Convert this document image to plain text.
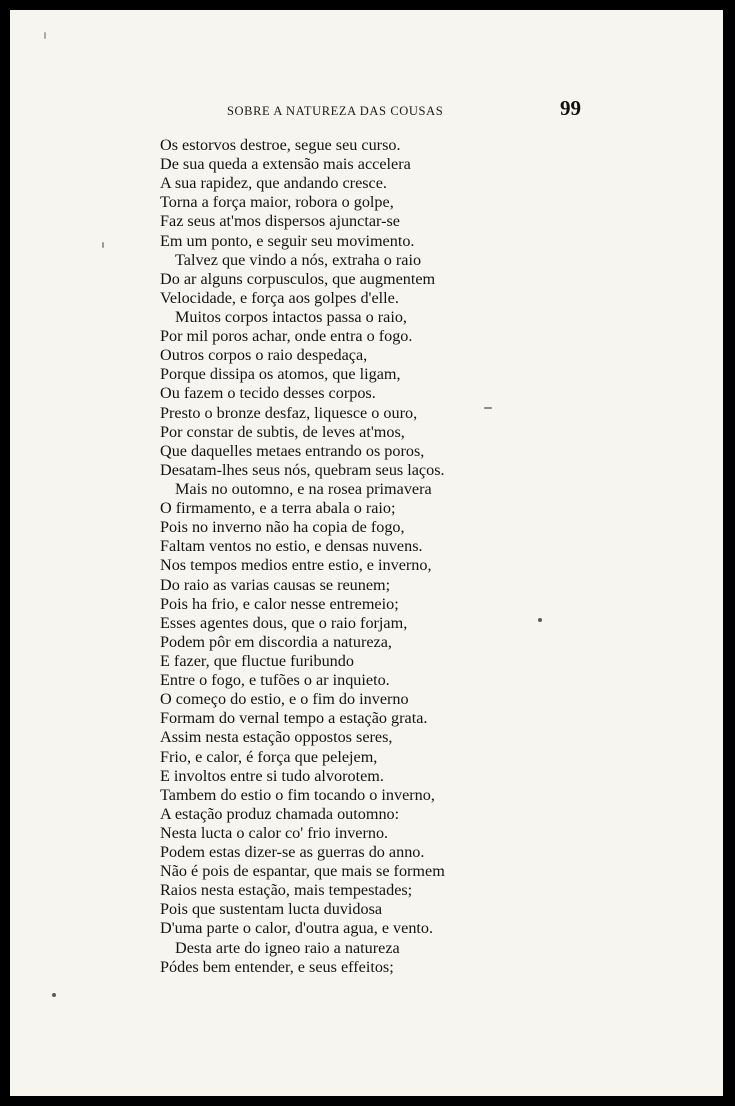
SOBRE A NATUREZA DAS COUSAS	99
Os estorvos destroe, segue seu curso.
De sua queda a extensão mais accelera
A sua rapidez, que andando cresce.
Torna a força maior, robora o golpe,
Faz seus at'mos dispersos ajunctar-se
Em um ponto, e seguir seu movimento.
Talvez que vindo a nós, extraha o raio
Do ar alguns corpusculos, que augmentem
Velocidade, e força aos golpes d'elle.
Muitos corpos intactos passa o raio,
Por mil poros achar, onde entra o fogo.
Outros corpos o raio despedaça,
Porque dissipa os atomos, que ligam,
Ou fazem o tecido desses corpos.
Presto o bronze desfaz, liquesce o ouro,
Por constar de subtis, de leves at'mos,
Que daquelles metaes entrando os poros,
Desatam-lhes seus nós, quebram seus laços.
Mais no outomno, e na rosea primavera
O firmamento, e a terra abala o raio;
Pois no inverno não ha copia de fogo,
Faltam ventos no estio, e densas nuvens.
Nos tempos medios entre estio, e inverno,
Do raio as varias causas se reunem;
Pois ha frio, e calor nesse entremeio;
Esses agentes dous, que o raio forjam,
Podem pôr em discordia a natureza,
E fazer, que fluctue furibundo
Entre o fogo, e tufões o ar inquieto.
O começo do estio, e o fim do inverno
Formam do vernal tempo a estação grata.
Assim nesta estação oppostos seres,
Frio, e calor, é força que pelejem,
E involtos entre si tudo alvorotem.
Tambem do estio o fim tocando o inverno,
A estação produz chamada outomno:
Nesta lucta o calor co' frio inverno.
Podem estas dizer-se as guerras do anno.
Não é pois de espantar, que mais se formem
Raios nesta estação, mais tempestades;
Pois que sustentam lucta duvidosa
D'uma parte o calor, d'outra agua, e vento.
Desta arte do igneo raio a natureza
Pódes bem entender, e seus effeitos;
